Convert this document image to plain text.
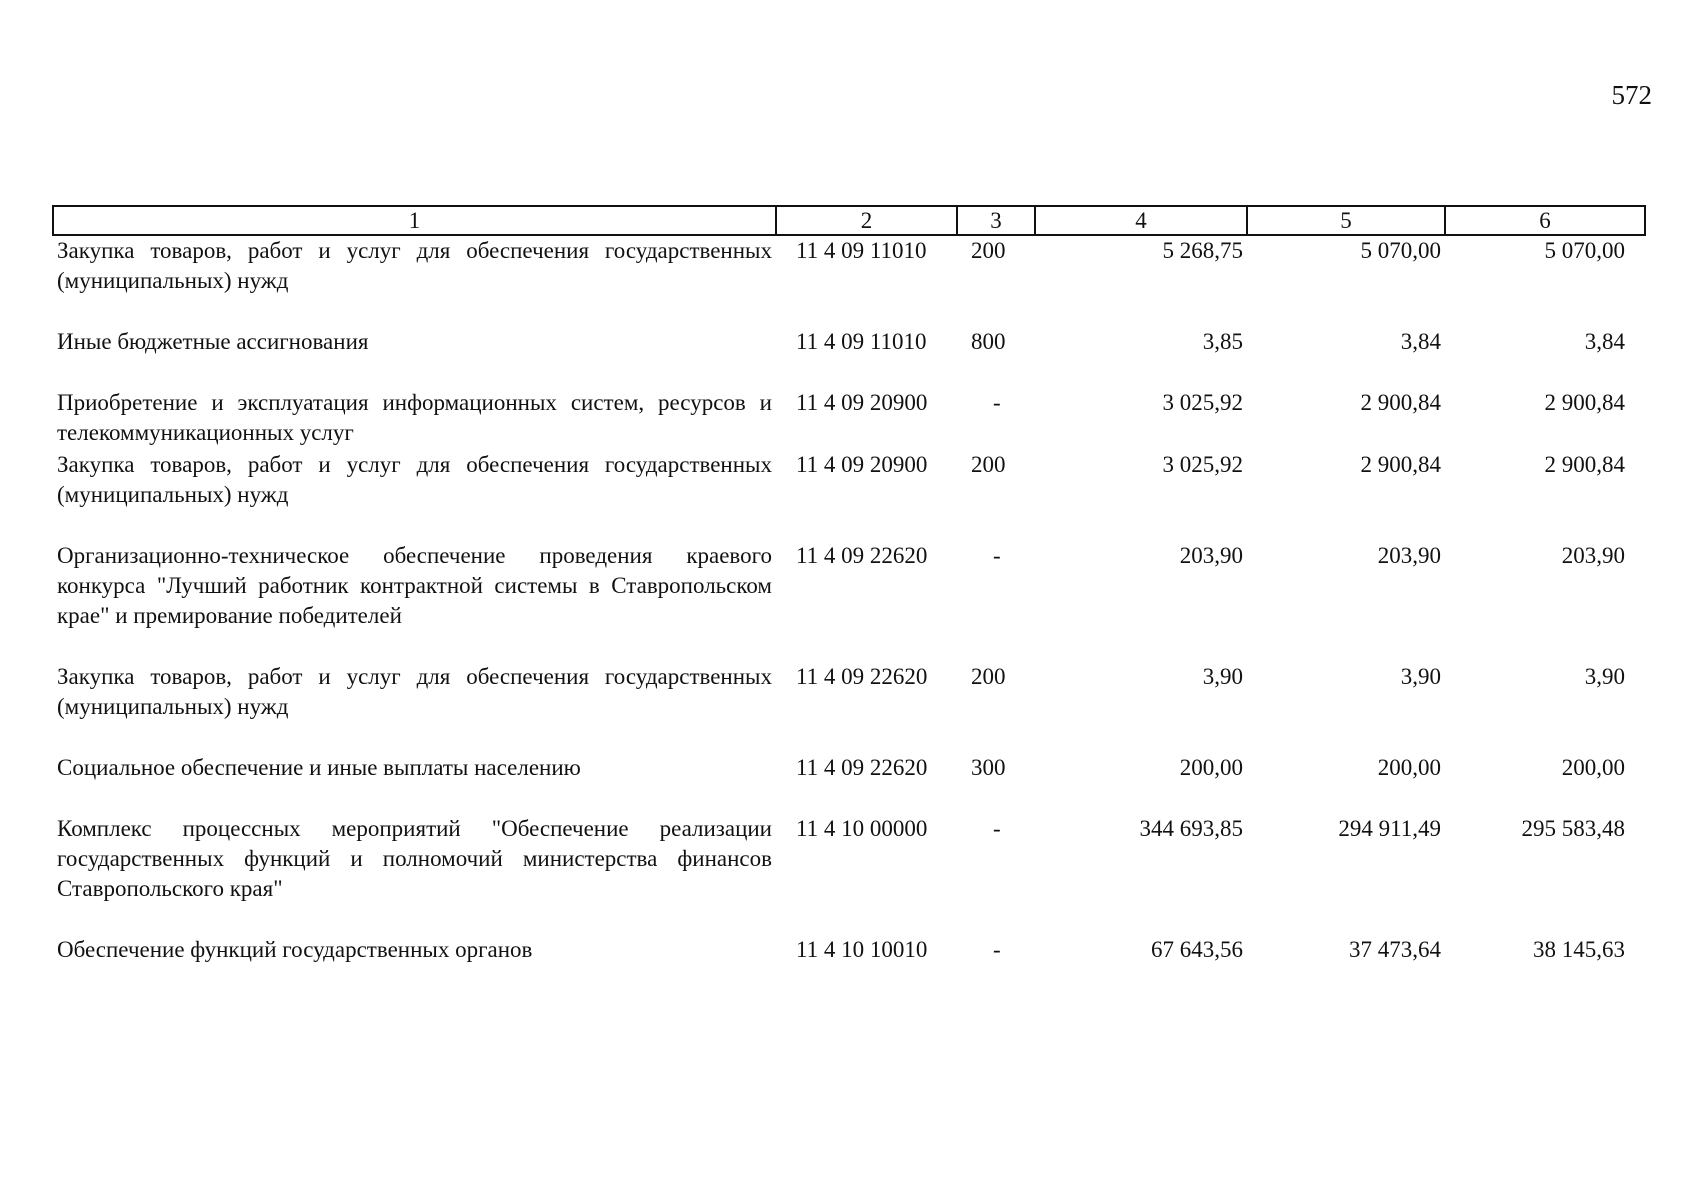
572
1	2	3	4	5	6
Закупка товаров, работ и услуг для обеспечения государственных (муниципальных) нужд	11 4 09 11010	200	5 268,75	5 070,00	5 070,00
Иные бюджетные ассигнования	11 4 09 11010	800	3,85	3,84	3,84
Приобретение и эксплуатация информационных систем, ресурсов и телекоммуникационных услуг	11 4 09 20900	-	3 025,92	2 900,84	2 900,84
Закупка товаров, работ и услуг для обеспечения государственных (муниципальных) нужд	11 4 09 20900	200	3 025,92	2 900,84	2 900,84
Организационно-техническое обеспечение проведения краевого конкурса "Лучший работник контрактной системы в Ставропольском крае" и премирование победителей	11 4 09 22620	-	203,90	203,90	203,90
Закупка товаров, работ и услуг для обеспечения государственных (муниципальных) нужд	11 4 09 22620	200	3,90	3,90	3,90
Социальное обеспечение и иные выплаты населению	11 4 09 22620	300	200,00	200,00	200,00
Комплекс процессных мероприятий "Обеспечение реализации государственных функций и полномочий министерства финансов Ставропольского края"	11 4 10 00000	-	344 693,85	294 911,49	295 583,48
Обеспечение функций государственных органов	11 4 10 10010	-	67 643,56	37 473,64	38 145,63
